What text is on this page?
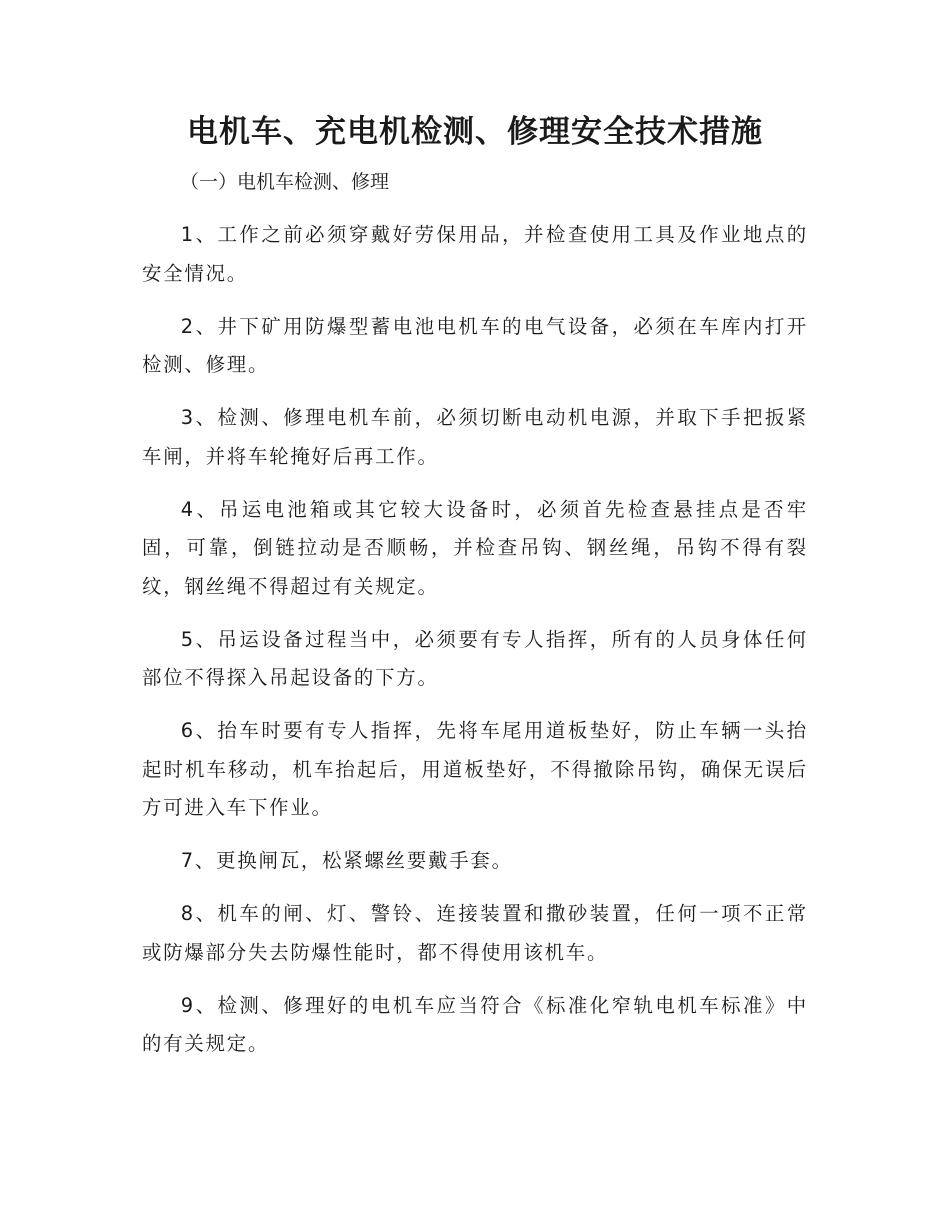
电机车、充电机检测、修理安全技术措施

（一）电机车检测、修理

1、工作之前必须穿戴好劳保用品，并检查使用工具及作业地点的安全情况。

2、井下矿用防爆型蓄电池电机车的电气设备，必须在车库内打开检测、修理。

3、检测、修理电机车前，必须切断电动机电源，并取下手把扳紧车闸，并将车轮掩好后再工作。

4、吊运电池箱或其它较大设备时，必须首先检查悬挂点是否牢固，可靠，倒链拉动是否顺畅，并检查吊钩、钢丝绳，吊钩不得有裂纹，钢丝绳不得超过有关规定。

5、吊运设备过程当中，必须要有专人指挥，所有的人员身体任何部位不得探入吊起设备的下方。

6、抬车时要有专人指挥，先将车尾用道板垫好，防止车辆一头抬起时机车移动，机车抬起后，用道板垫好，不得撤除吊钩，确保无误后方可进入车下作业。

7、更换闸瓦，松紧螺丝要戴手套。

8、机车的闸、灯、警铃、连接装置和撒砂装置，任何一项不正常或防爆部分失去防爆性能时，都不得使用该机车。

9、检测、修理好的电机车应当符合《标准化窄轨电机车标准》中的有关规定。
